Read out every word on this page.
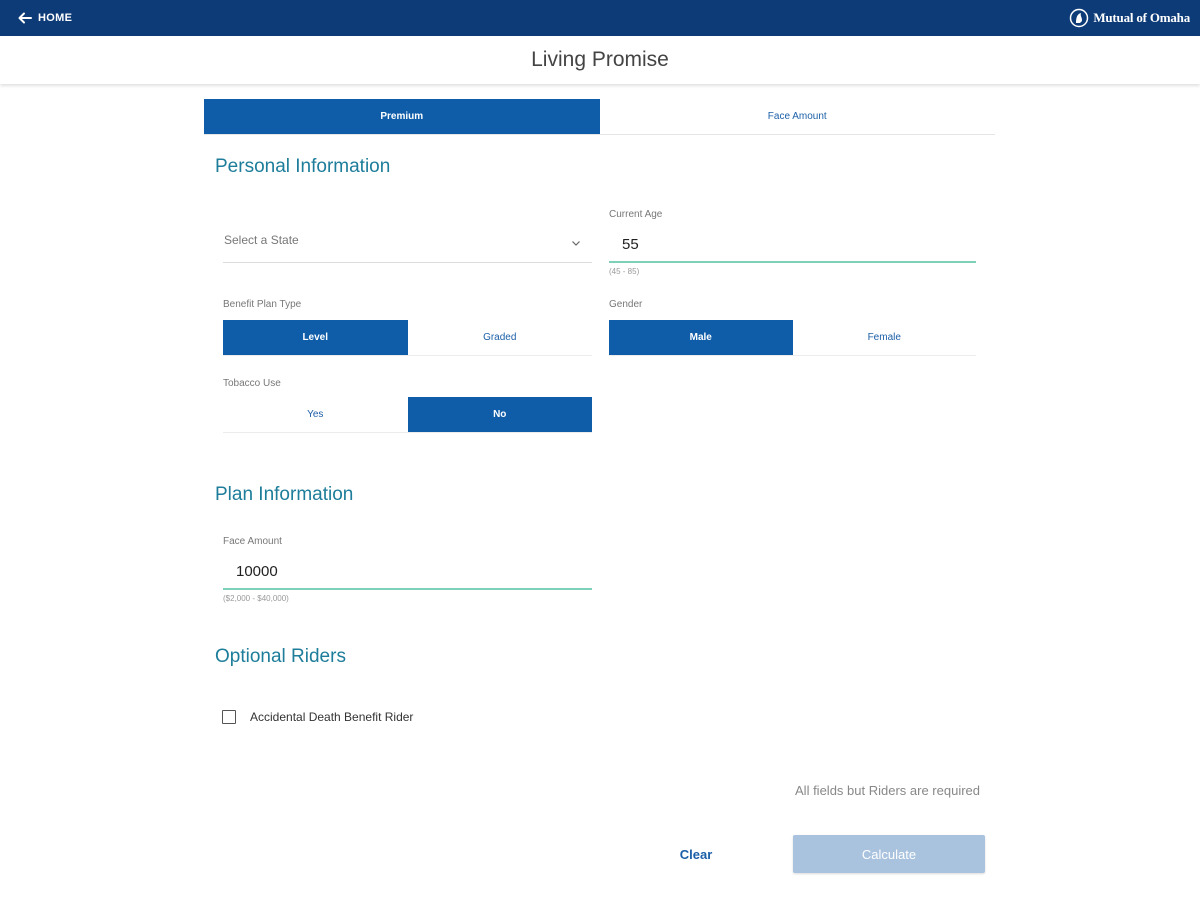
HOME	Mutual of Omaha
Living Promise
Premium	Face Amount
Personal Information
Select a State
Current Age
55
(45 - 85)
Benefit Plan Type
Level	Graded
Gender
Male	Female
Tobacco Use
Yes	No
Plan Information
Face Amount
10000
($2,000 - $40,000)
Optional Riders
Accidental Death Benefit Rider
All fields but Riders are required
Clear	Calculate
